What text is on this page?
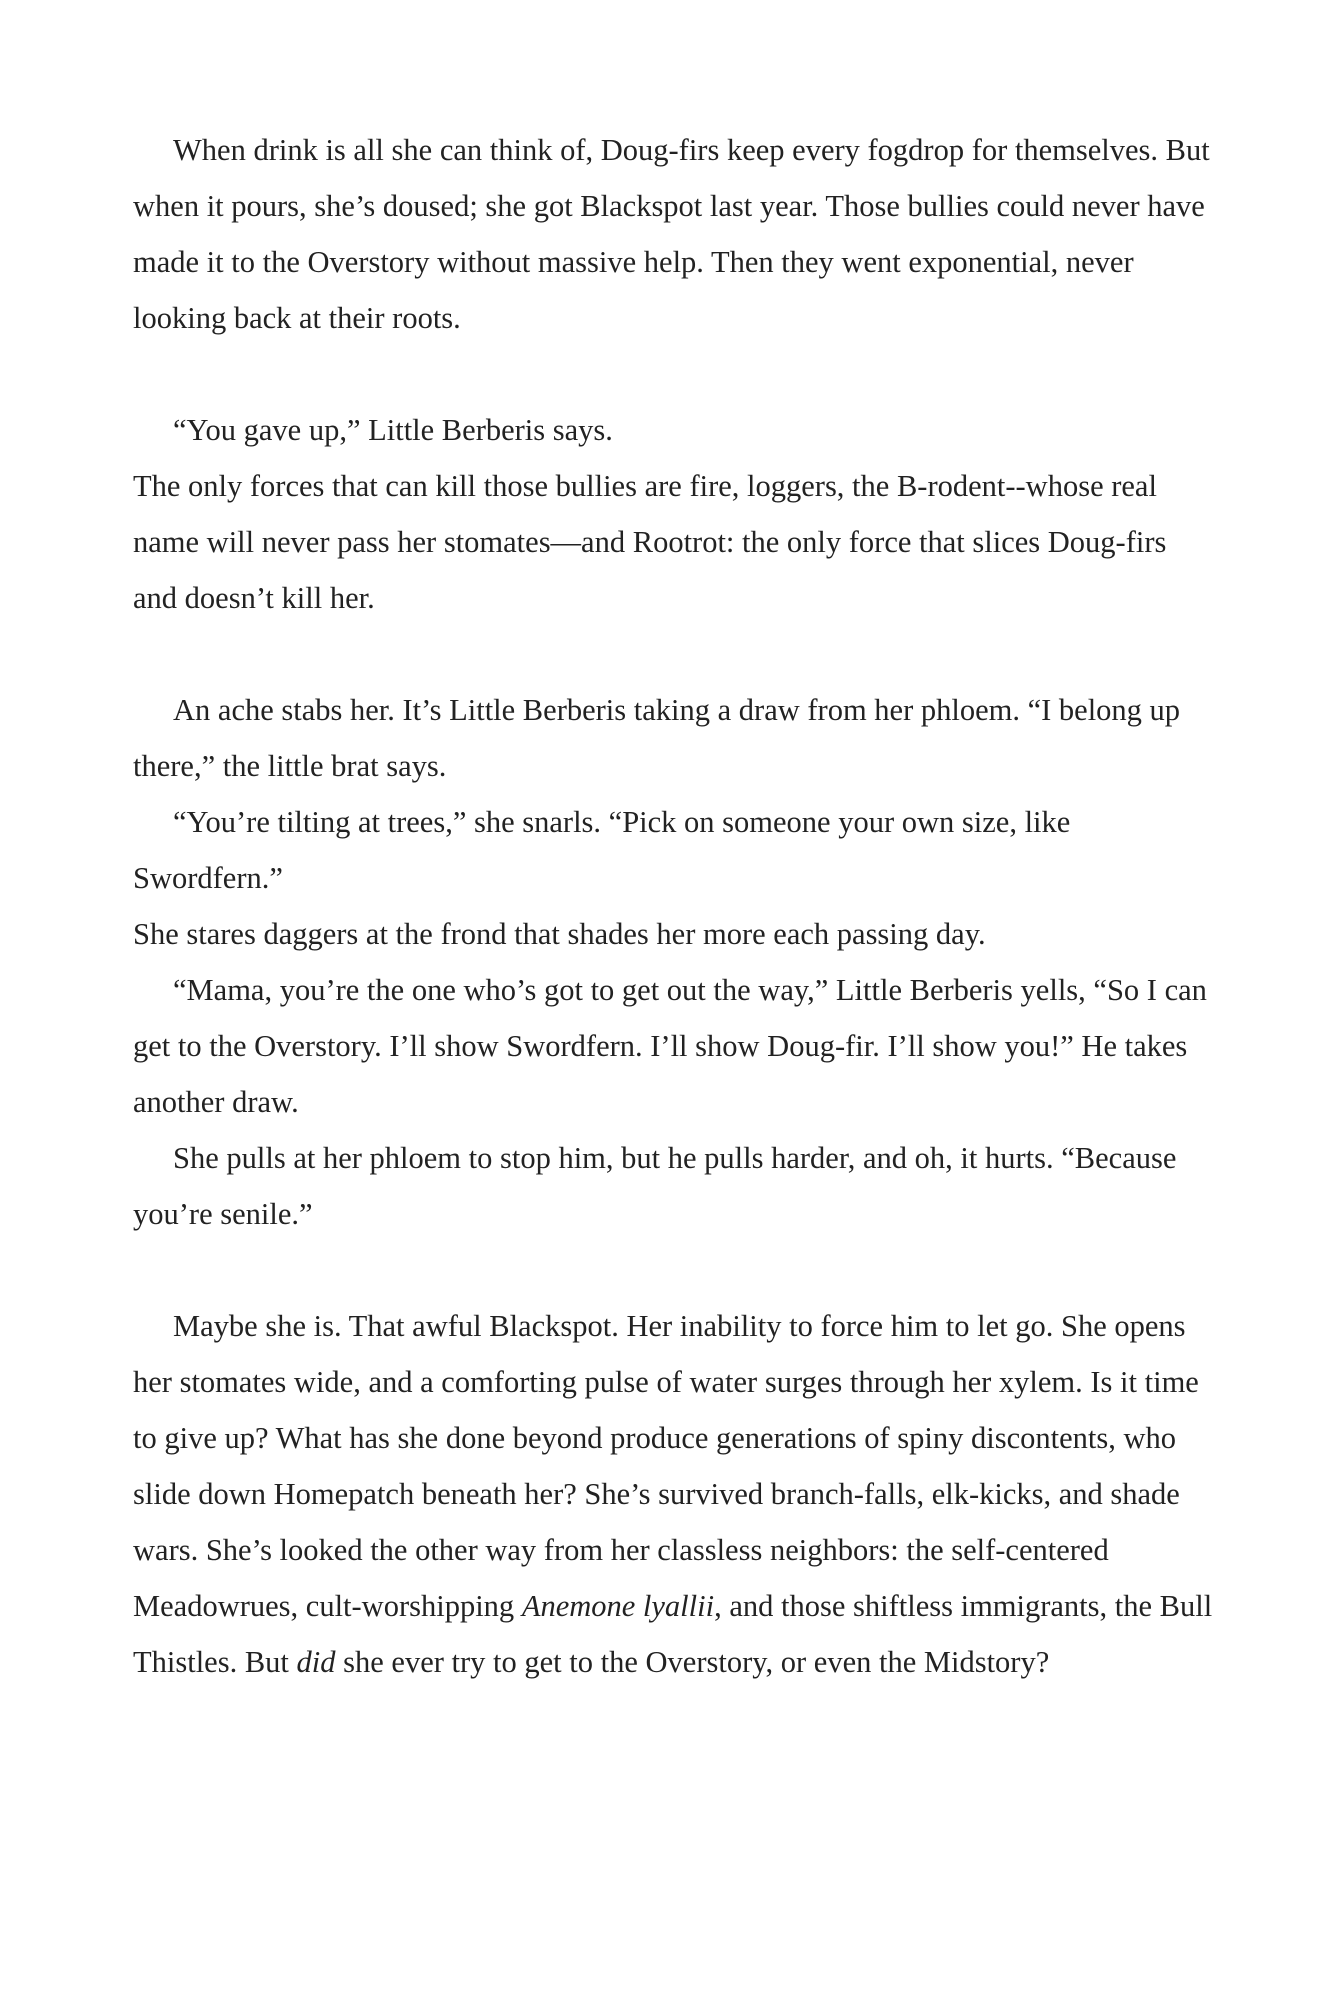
When drink is all she can think of, Doug-firs keep every fogdrop for themselves. But when it pours, she’s doused; she got Blackspot last year. Those bullies could never have made it to the Overstory without massive help. Then they went exponential, never looking back at their roots.

“You gave up,” Little Berberis says.

The only forces that can kill those bullies are fire, loggers, the B-rodent--whose real name will never pass her stomates—and Rootrot: the only force that slices Doug-firs and doesn’t kill her.

An ache stabs her. It’s Little Berberis taking a draw from her phloem. “I belong up there,” the little brat says.

“You’re tilting at trees,” she snarls. “Pick on someone your own size, like Swordfern.”

She stares daggers at the frond that shades her more each passing day.

“Mama, you’re the one who’s got to get out the way,” Little Berberis yells, “So I can get to the Overstory. I’ll show Swordfern. I’ll show Doug-fir. I’ll show you!” He takes another draw.

She pulls at her phloem to stop him, but he pulls harder, and oh, it hurts. “Because you’re senile.”

Maybe she is. That awful Blackspot. Her inability to force him to let go. She opens her stomates wide, and a comforting pulse of water surges through her xylem. Is it time to give up? What has she done beyond produce generations of spiny discontents, who slide down Homepatch beneath her? She’s survived branch-falls, elk-kicks, and shade wars. She’s looked the other way from her classless neighbors: the self-centered Meadowrues, cult-worshipping Anemone lyallii, and those shiftless immigrants, the Bull Thistles. But did she ever try to get to the Overstory, or even the Midstory?
